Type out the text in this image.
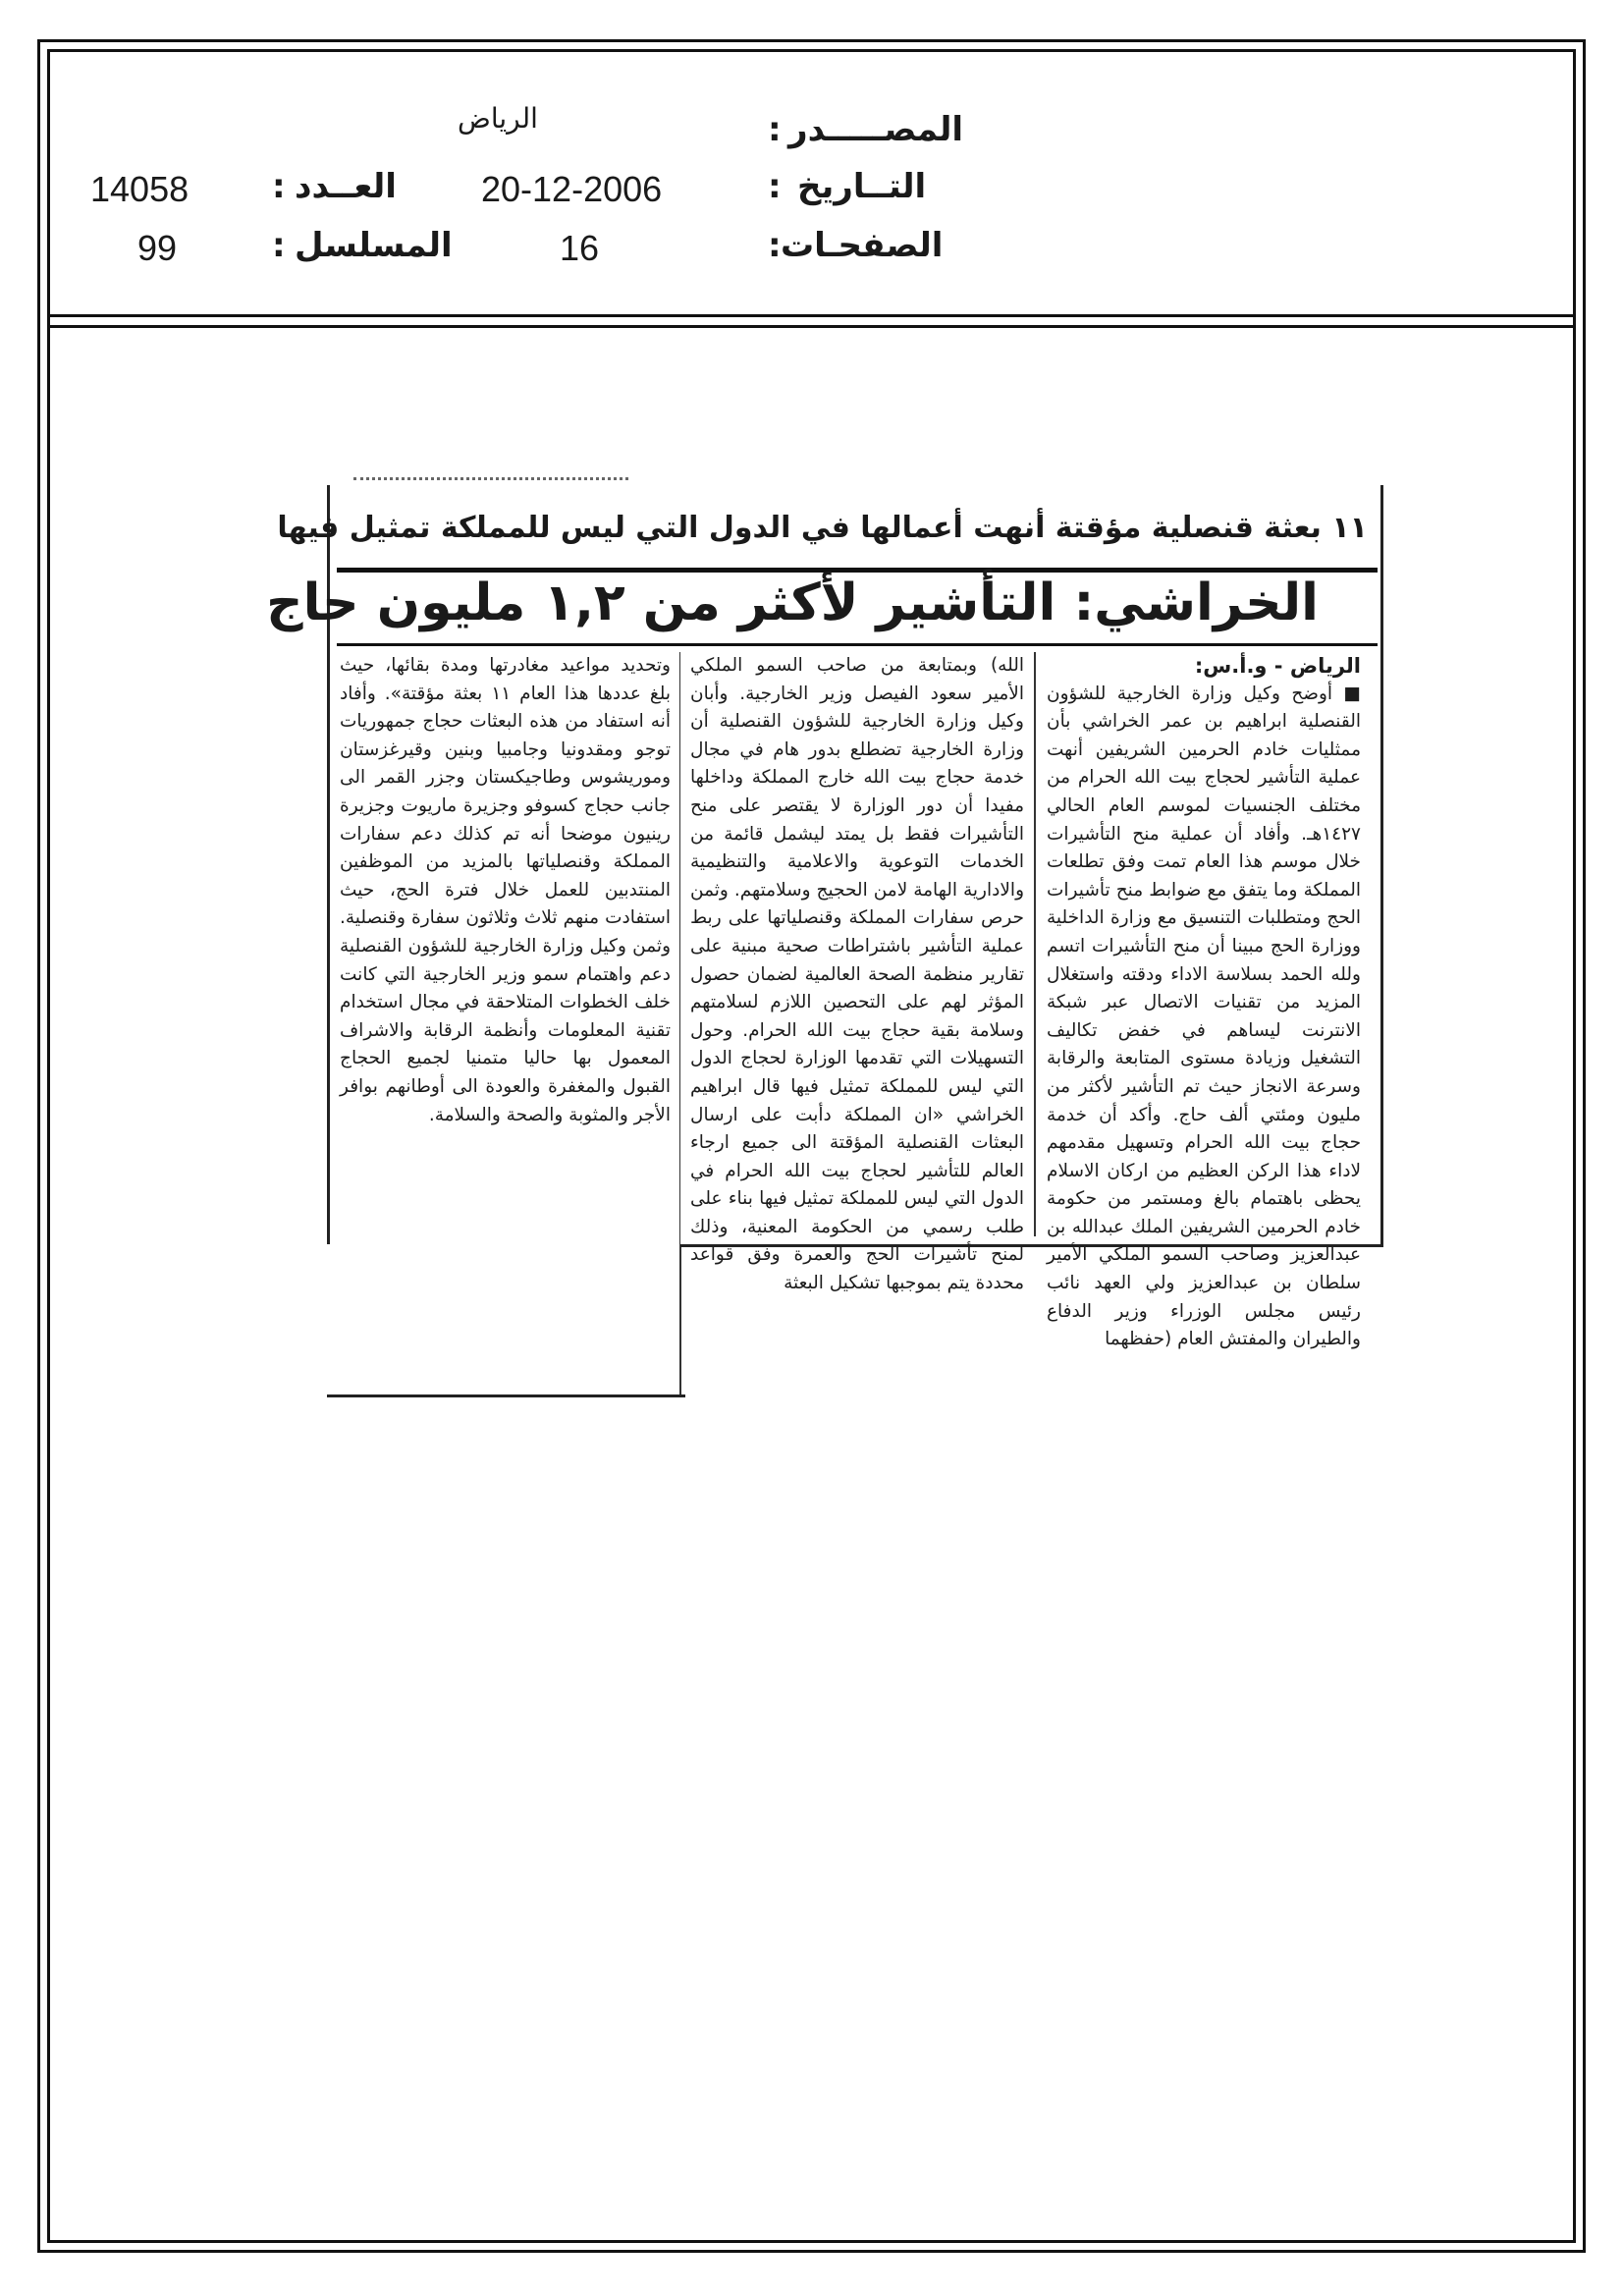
المصـــــدر
:
الرياض
التــاريخ
:
20-12-2006
العــدد
:
14058
الصفحـات
:
16
المسلسل
:
99
١١ بعثة قنصلية مؤقتة أنهت أعمالها في الدول التي ليس للمملكة تمثيل فيها
الخراشي: التأشير لأكثر من ١,٢ مليون حاج

الرياض - و.أ.س:

■ أوضح وكيل وزارة الخارجية للشؤون القنصلية ابراهيم بن عمر الخراشي بأن ممثليات خادم الحرمين الشريفين أنهت عملية التأشير لحجاج بيت الله الحرام من مختلف الجنسيات لموسم العام الحالي ١٤٢٧هـ. وأفاد أن عملية منح التأشيرات خلال موسم هذا العام تمت وفق تطلعات المملكة وما يتفق مع ضوابط منح تأشيرات الحج ومتطلبات التنسيق مع وزارة الداخلية ووزارة الحج مبينا أن منح التأشيرات اتسم ولله الحمد بسلاسة الاداء ودقته واستغلال المزيد من تقنيات الاتصال عبر شبكة الانترنت ليساهم في خفض تكاليف التشغيل وزيادة مستوى المتابعة والرقابة وسرعة الانجاز حيث تم التأشير لأكثر من مليون ومئتي ألف حاج. وأكد أن خدمة حجاج بيت الله الحرام وتسهيل مقدمهم لاداء هذا الركن العظيم من اركان الاسلام يحظى باهتمام بالغ ومستمر من حكومة خادم الحرمين الشريفين الملك عبدالله بن عبدالعزيز وصاحب السمو الملكي الأمير سلطان بن عبدالعزيز ولي العهد نائب رئيس مجلس الوزراء وزير الدفاع والطيران والمفتش العام (حفظهما

الله) وبمتابعة من صاحب السمو الملكي الأمير سعود الفيصل وزير الخارجية. وأبان وكيل وزارة الخارجية للشؤون القنصلية أن وزارة الخارجية تضطلع بدور هام في مجال خدمة حجاج بيت الله خارج المملكة وداخلها مفيدا أن دور الوزارة لا يقتصر على منح التأشيرات فقط بل يمتد ليشمل قائمة من الخدمات التوعوية والاعلامية والتنظيمية والادارية الهامة لامن الحجيج وسلامتهم. وثمن حرص سفارات المملكة وقنصلياتها على ربط عملية التأشير باشتراطات صحية مبنية على تقارير منظمة الصحة العالمية لضمان حصول المؤثر لهم على التحصين اللازم لسلامتهم وسلامة بقية حجاج بيت الله الحرام. وحول التسهيلات التي تقدمها الوزارة لحجاج الدول التي ليس للمملكة تمثيل فيها قال ابراهيم الخراشي «ان المملكة دأبت على ارسال البعثات القنصلية المؤقتة الى جميع ارجاء العالم للتأشير لحجاج بيت الله الحرام في الدول التي ليس للمملكة تمثيل فيها بناء على طلب رسمي من الحكومة المعنية، وذلك لمنح تأشيرات الحج والعمرة وفق قواعد محددة يتم بموجبها تشكيل البعثة

وتحديد مواعيد مغادرتها ومدة بقائها، حيث بلغ عددها هذا العام ١١ بعثة مؤقتة». وأفاد أنه استفاد من هذه البعثات حجاج جمهوريات توجو ومقدونيا وجامبيا وبنين وقيرغزستان وموريشوس وطاجيكستان وجزر القمر الى جانب حجاج كسوفو وجزيرة ماريوت وجزيرة رينيون موضحا أنه تم كذلك دعم سفارات المملكة وقنصلياتها بالمزيد من الموظفين المنتدبين للعمل خلال فترة الحج، حيث استفادت منهم ثلاث وثلاثون سفارة وقنصلية. وثمن وكيل وزارة الخارجية للشؤون القنصلية دعم واهتمام سمو وزير الخارجية التي كانت خلف الخطوات المتلاحقة في مجال استخدام تقنية المعلومات وأنظمة الرقابة والاشراف المعمول بها حاليا متمنيا لجميع الحجاج القبول والمغفرة والعودة الى أوطانهم بوافر الأجر والمثوبة والصحة والسلامة.
